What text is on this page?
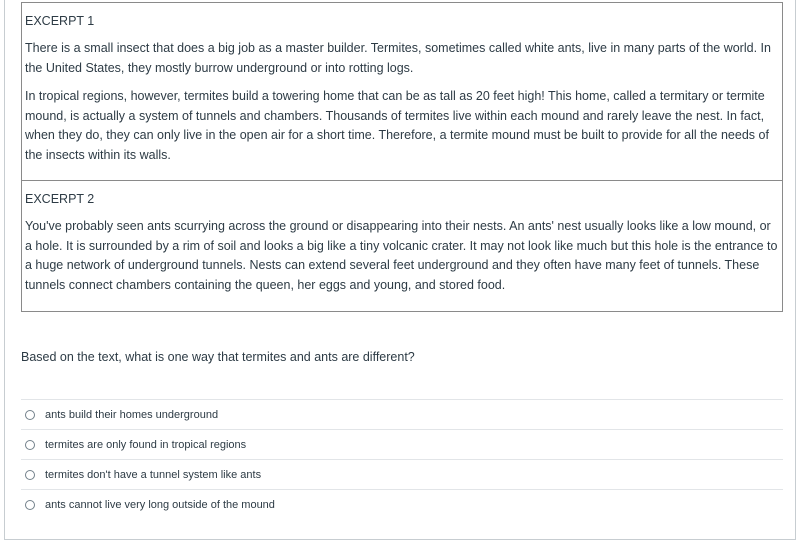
EXCERPT 1

There is a small insect that does a big job as a master builder. Termites, sometimes called white ants, live in many parts of the world. In the United States, they mostly burrow underground or into rotting logs.

In tropical regions, however, termites build a towering home that can be as tall as 20 feet high! This home, called a termitary or termite mound, is actually a system of tunnels and chambers. Thousands of termites live within each mound and rarely leave the nest. In fact, when they do, they can only live in the open air for a short time. Therefore, a termite mound must be built to provide for all the needs of the insects within its walls.

EXCERPT 2

You've probably seen ants scurrying across the ground or disappearing into their nests. An ants' nest usually looks like a low mound, or a hole. It is surrounded by a rim of soil and looks a big like a tiny volcanic crater. It may not look like much but this hole is the entrance to a huge network of underground tunnels. Nests can extend several feet underground and they often have many feet of tunnels. These tunnels connect chambers containing the queen, her eggs and young, and stored food.

Based on the text, what is one way that termites and ants are different?
ants build their homes underground
termites are only found in tropical regions
termites don't have a tunnel system like ants
ants cannot live very long outside of the mound
